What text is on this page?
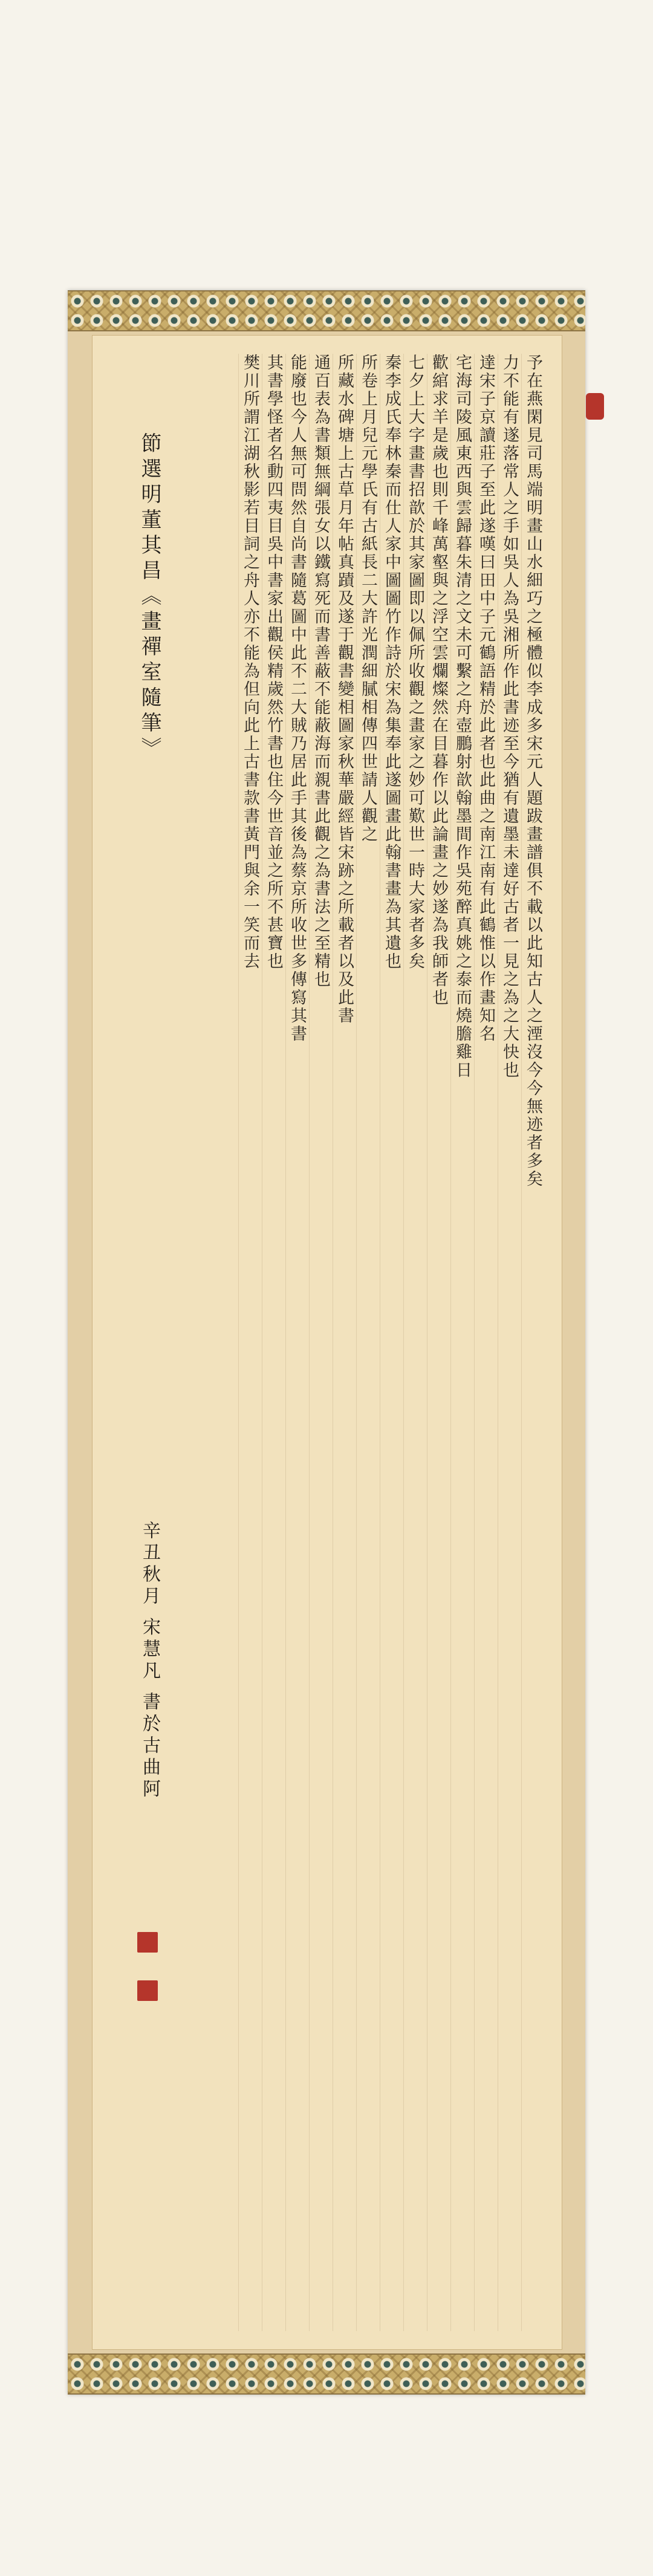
予在燕閑見司馬端明畫山水細巧之極體似李成多宋元人題跋畫譜俱不載以此知古人之湮沒今今無迹者多矣
力不能有遂落常人之手如吳人為吳湘所作此書迹至今猶有遺墨未達好古者一見之為之大快也
達宋子京讀莊子至此遂嘆曰田中子元鶴語精於此者也此曲之南江南有此鶴惟以作畫知名
宅海司陵風東西與雲歸暮朱清之文未可繫之舟壺鵬射歆翰墨間作吳苑醉真姚之泰而燒膽雞日
歡綰求羊是歲也則千峰萬壑與之浮空雲爛燦然在目暮作以此論畫之妙遂為我師者也
七夕上大字畫書招歆於其家圖即以佩所收觀之畫家之妙可歎世一時大家者多矣
秦李成氏奉林秦而仕人家中圖圖竹作詩於宋為集奉此遂圖畫此翰書畫為其遺也
所卷上月兒元學氏有古紙長二大許光潤細膩相傳四世請人觀之
所藏水碑塘上古草月年帖真蹟及遂于觀書變相圖家秋華嚴經皆宋跡之所載者以及此書
通百表為書類無綱張女以鐵寫死而書善蔽不能蔽海而親書此觀之為書法之至精也
能廢也今人無可問然自尚書隨葛圖中此不二大賊乃居此手其後為蔡京所收世多傳寫其書
其書學怪者名動四夷目吳中書家出觀侯精歲然竹書也住今世音並之所不甚寶也
樊川所謂江湖秋影若目詞之舟人亦不能為但向此上古書款書黃門與余一笑而去
節選明董其昌《畫禪室隨筆》
辛丑秋月 宋慧凡 書於古曲阿
